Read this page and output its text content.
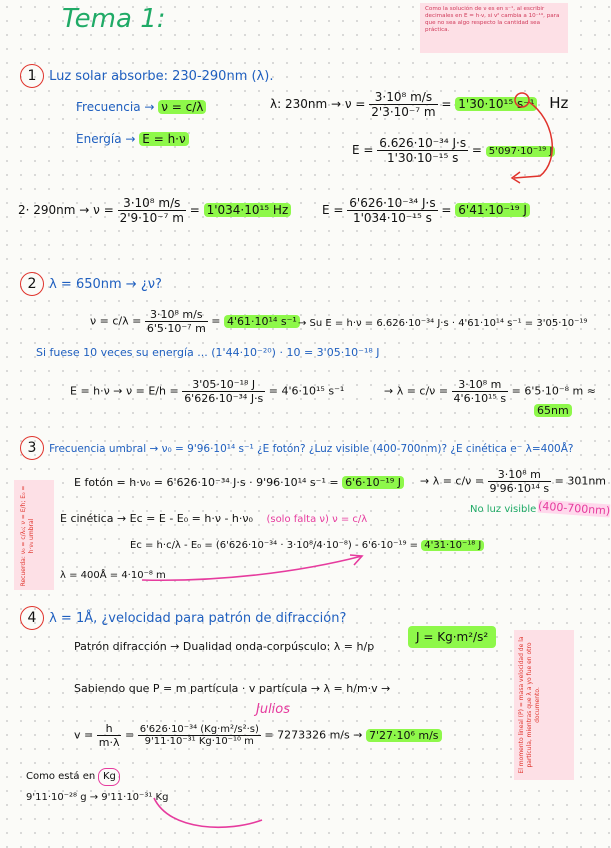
Tema 1:	Como la solución de ν es en s⁻¹, al escribir decimales en E = h·ν, si ν² cambia a 10⁻¹⁹, para que no sea algo respecto la cantidad sea práctica.
1 Luz solar absorbe: 230-290nm (λ).
Frecuencia → ν = c/λ
Energía → E = h·ν
λ: $230nm \to \nu = \frac{\text{3·10⁸ m/s}}{\text{2'3·10⁻⁷ m}} = 1'30\cdot 10^{15}$ s⁻¹ Hz
$E = \frac{\text{6.626·10⁻³⁴ J·s}}{\text{1'30·10⁻¹⁵ s}} = 5'097\cdot 10^{-19}$ J
$2\cdot 290nm \to \nu = \frac{\text{3·10⁸ m/s}}{\text{2'9·10⁻⁷ m}} = 1'034\cdot 10^{15}$ Hz	$E = \frac{\text{6'626·10⁻³⁴ J·s}}{\text{1'034·10⁻¹⁵ s}} = 6'41\cdot 10^{-19}$ J
2 λ = 650nm → ¿ν?
$\nu = c/\lambda = \frac{\text{3·10⁸ m/s}}{\text{6'5·10⁻⁷ m}} = 4'61\cdot 10^{14}$ s⁻¹ → Su E = h·ν = 6.626·10⁻³⁴ J·s · 4'61·10¹⁴ s⁻¹ = 3'05·10⁻¹⁹
Si fuese 10 veces su energía ... (1'44·10⁻²⁰) · 10 = 3'05·10⁻¹⁸ J
$E = h\cdot\nu \to \nu = E/h = \frac{\text{3'05·10⁻¹⁸ J}}{\text{6'626·10⁻³⁴ J·s}} = 4'6\cdot 10^{15}$ s⁻¹	→ $\lambda = c/\nu = \frac{\text{3·10⁸ m}}{\text{4'6·10¹⁵ s}} = 6'5\cdot 10^{-8}$ m ≈
65nm
3 Frecuencia umbral → ν₀ = 9'96·10¹⁴ s⁻¹ ¿E fotón? ¿Luz visible (400-700nm)? ¿E cinética e⁻ λ=400Å?
Recuerda: ν₀ = c/λ₀; ν = E/h; E₀ = h·ν₀ umbral
E fotón = h·ν₀ = 6'626·10⁻³⁴ J·s · 9'96·10¹⁴ s⁻¹ = 6'6·10⁻¹⁹ $J \to \lambda = c/\nu = \frac{\text{3·10⁸ m}}{\text{9'96·10¹⁴ s}} = 301nm$
No luz visible (400-700nm)
E cinética → Ec = E - E₀ = h·ν - h·ν₀ (solo falta ν) ν = c/λ
Ec = h·c/λ - E₀ = (6'626·10⁻³⁴ · 3·10⁸/4·10⁻⁸) - 6'6·10⁻¹⁹ = 4'31·10⁻¹⁸ J
λ = 400Å = 4·10⁻⁸ m
4 λ = 1Å, ¿velocidad para patrón de difracción?
J = Kg·m²/s²
Patrón difracción → Dualidad onda-corpúsculo: λ = h/p
Sabiendo que P = m partícula · v partícula → λ = h/m·v →
Julios
$v = \frac{h}{m\cdot\lambda} = \frac{\text{6'626·10⁻³⁴ (Kg·m²/s²·s)}}{\text{9'11·10⁻³¹ Kg·10⁻¹⁰ m}} = 7273326$ m/s → 7'27·10⁶ m/s	El momento lineal (P) = masa velocidad de la partícula, mientras que λ a yo fue en otro documento.
Como está en Kg
9'11·10⁻²⁸ g → 9'11·10⁻³¹ Kg
